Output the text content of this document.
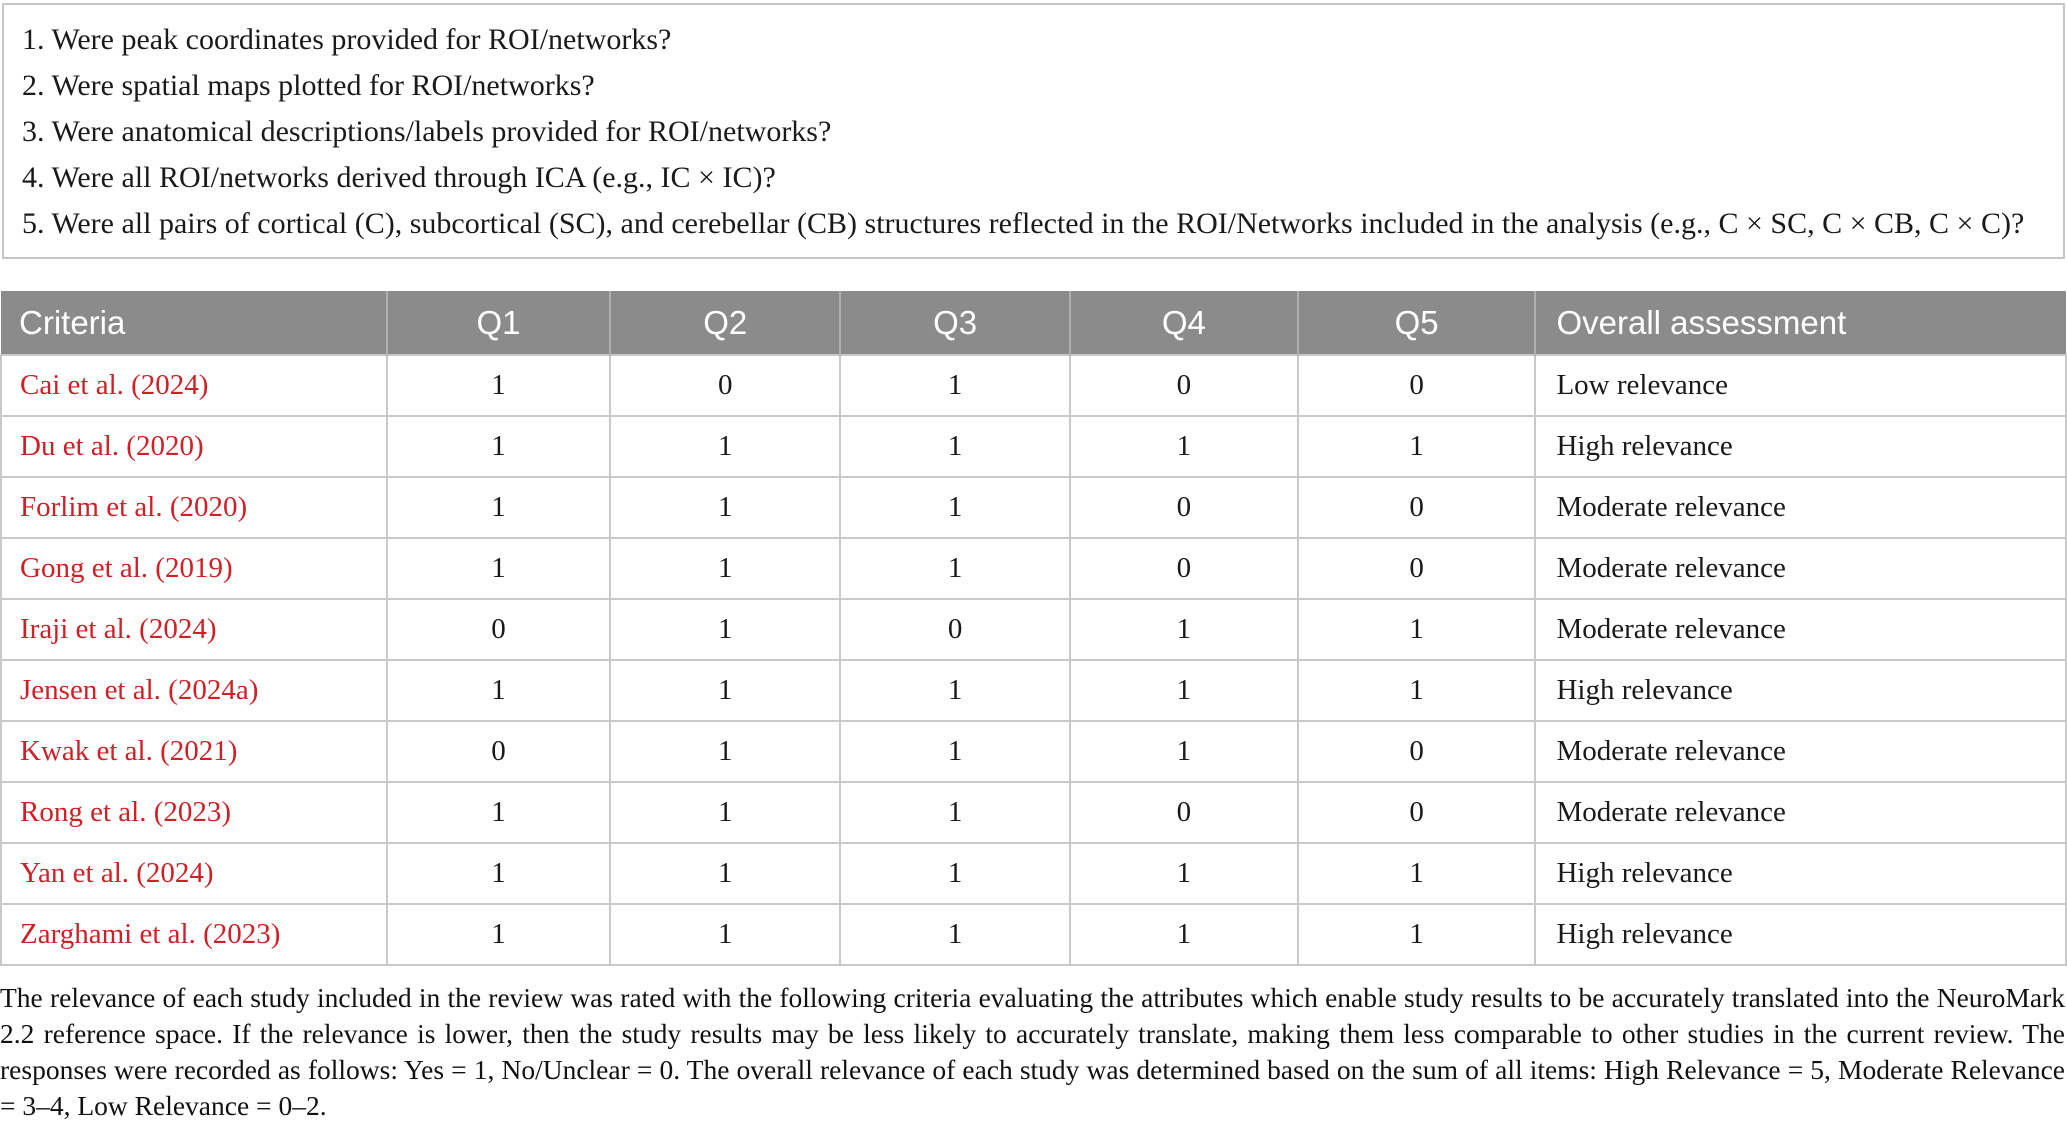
1. Were peak coordinates provided for ROI/networks?
2. Were spatial maps plotted for ROI/networks?
3. Were anatomical descriptions/labels provided for ROI/networks?
4. Were all ROI/networks derived through ICA (e.g., IC × IC)?
5. Were all pairs of cortical (C), subcortical (SC), and cerebellar (CB) structures reflected in the ROI/Networks included in the analysis (e.g., C × SC, C × CB, C × C)?
Criteria	Q1	Q2	Q3	Q4	Q5	Overall assessment
Cai et al. (2024)	1	0	1	0	0	Low relevance
Du et al. (2020)	1	1	1	1	1	High relevance
Forlim et al. (2020)	1	1	1	0	0	Moderate relevance
Gong et al. (2019)	1	1	1	0	0	Moderate relevance
Iraji et al. (2024)	0	1	0	1	1	Moderate relevance
Jensen et al. (2024a)	1	1	1	1	1	High relevance
Kwak et al. (2021)	0	1	1	1	0	Moderate relevance
Rong et al. (2023)	1	1	1	0	0	Moderate relevance
Yan et al. (2024)	1	1	1	1	1	High relevance
Zarghami et al. (2023)	1	1	1	1	1	High relevance

The relevance of each study included in the review was rated with the following criteria evaluating the attributes which enable study results to be accurately translated into the NeuroMark 2.2 reference space. If the relevance is lower, then the study results may be less likely to accurately translate, making them less comparable to other studies in the current review. The responses were recorded as follows: Yes = 1, No/Unclear = 0. The overall relevance of each study was determined based on the sum of all items: High Relevance = 5, Moderate Relevance = 3–4, Low Relevance = 0–2.
